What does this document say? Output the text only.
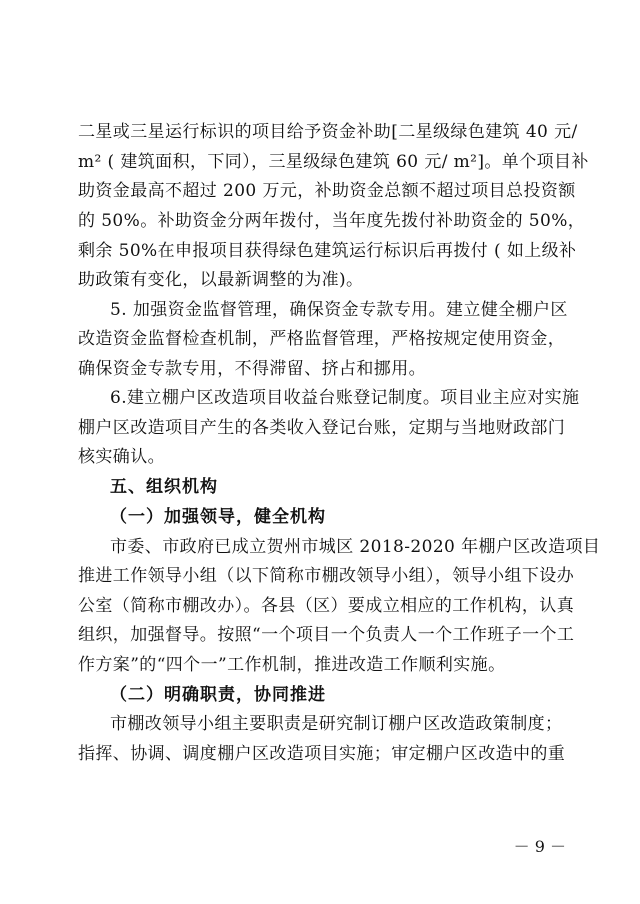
二星或三星运行标识的项目给予资金补助[二星级绿色建筑 40 元/
m² ( 建筑面积，下同），三星级绿色建筑 60 元/ m²]。单个项目补
助资金最高不超过 200 万元，补助资金总额不超过项目总投资额
的 50%。补助资金分两年拨付，当年度先拨付补助资金的 50%，
剩余 50%在申报项目获得绿色建筑运行标识后再拨付 ( 如上级补
助政策有变化，以最新调整的为准)。
5. 加强资金监督管理，确保资金专款专用。建立健全棚户区
改造资金监督检查机制，严格监督管理，严格按规定使用资金，
确保资金专款专用，不得滞留、挤占和挪用。
6.建立棚户区改造项目收益台账登记制度。项目业主应对实施
棚户区改造项目产生的各类收入登记台账，定期与当地财政部门
核实确认。
五、组织机构
（一）加强领导，健全机构
市委、市政府已成立贺州市城区 2018-2020 年棚户区改造项目
推进工作领导小组（以下简称市棚改领导小组），领导小组下设办
公室（简称市棚改办）。各县（区）要成立相应的工作机构，认真
组织，加强督导。按照“一个项目一个负责人一个工作班子一个工
作方案”的“四个一”工作机制，推进改造工作顺利实施。
（二）明确职责，协同推进
市棚改领导小组主要职责是研究制订棚户区改造政策制度；
指挥、协调、调度棚户区改造项目实施；审定棚户区改造中的重
－ 9 －
